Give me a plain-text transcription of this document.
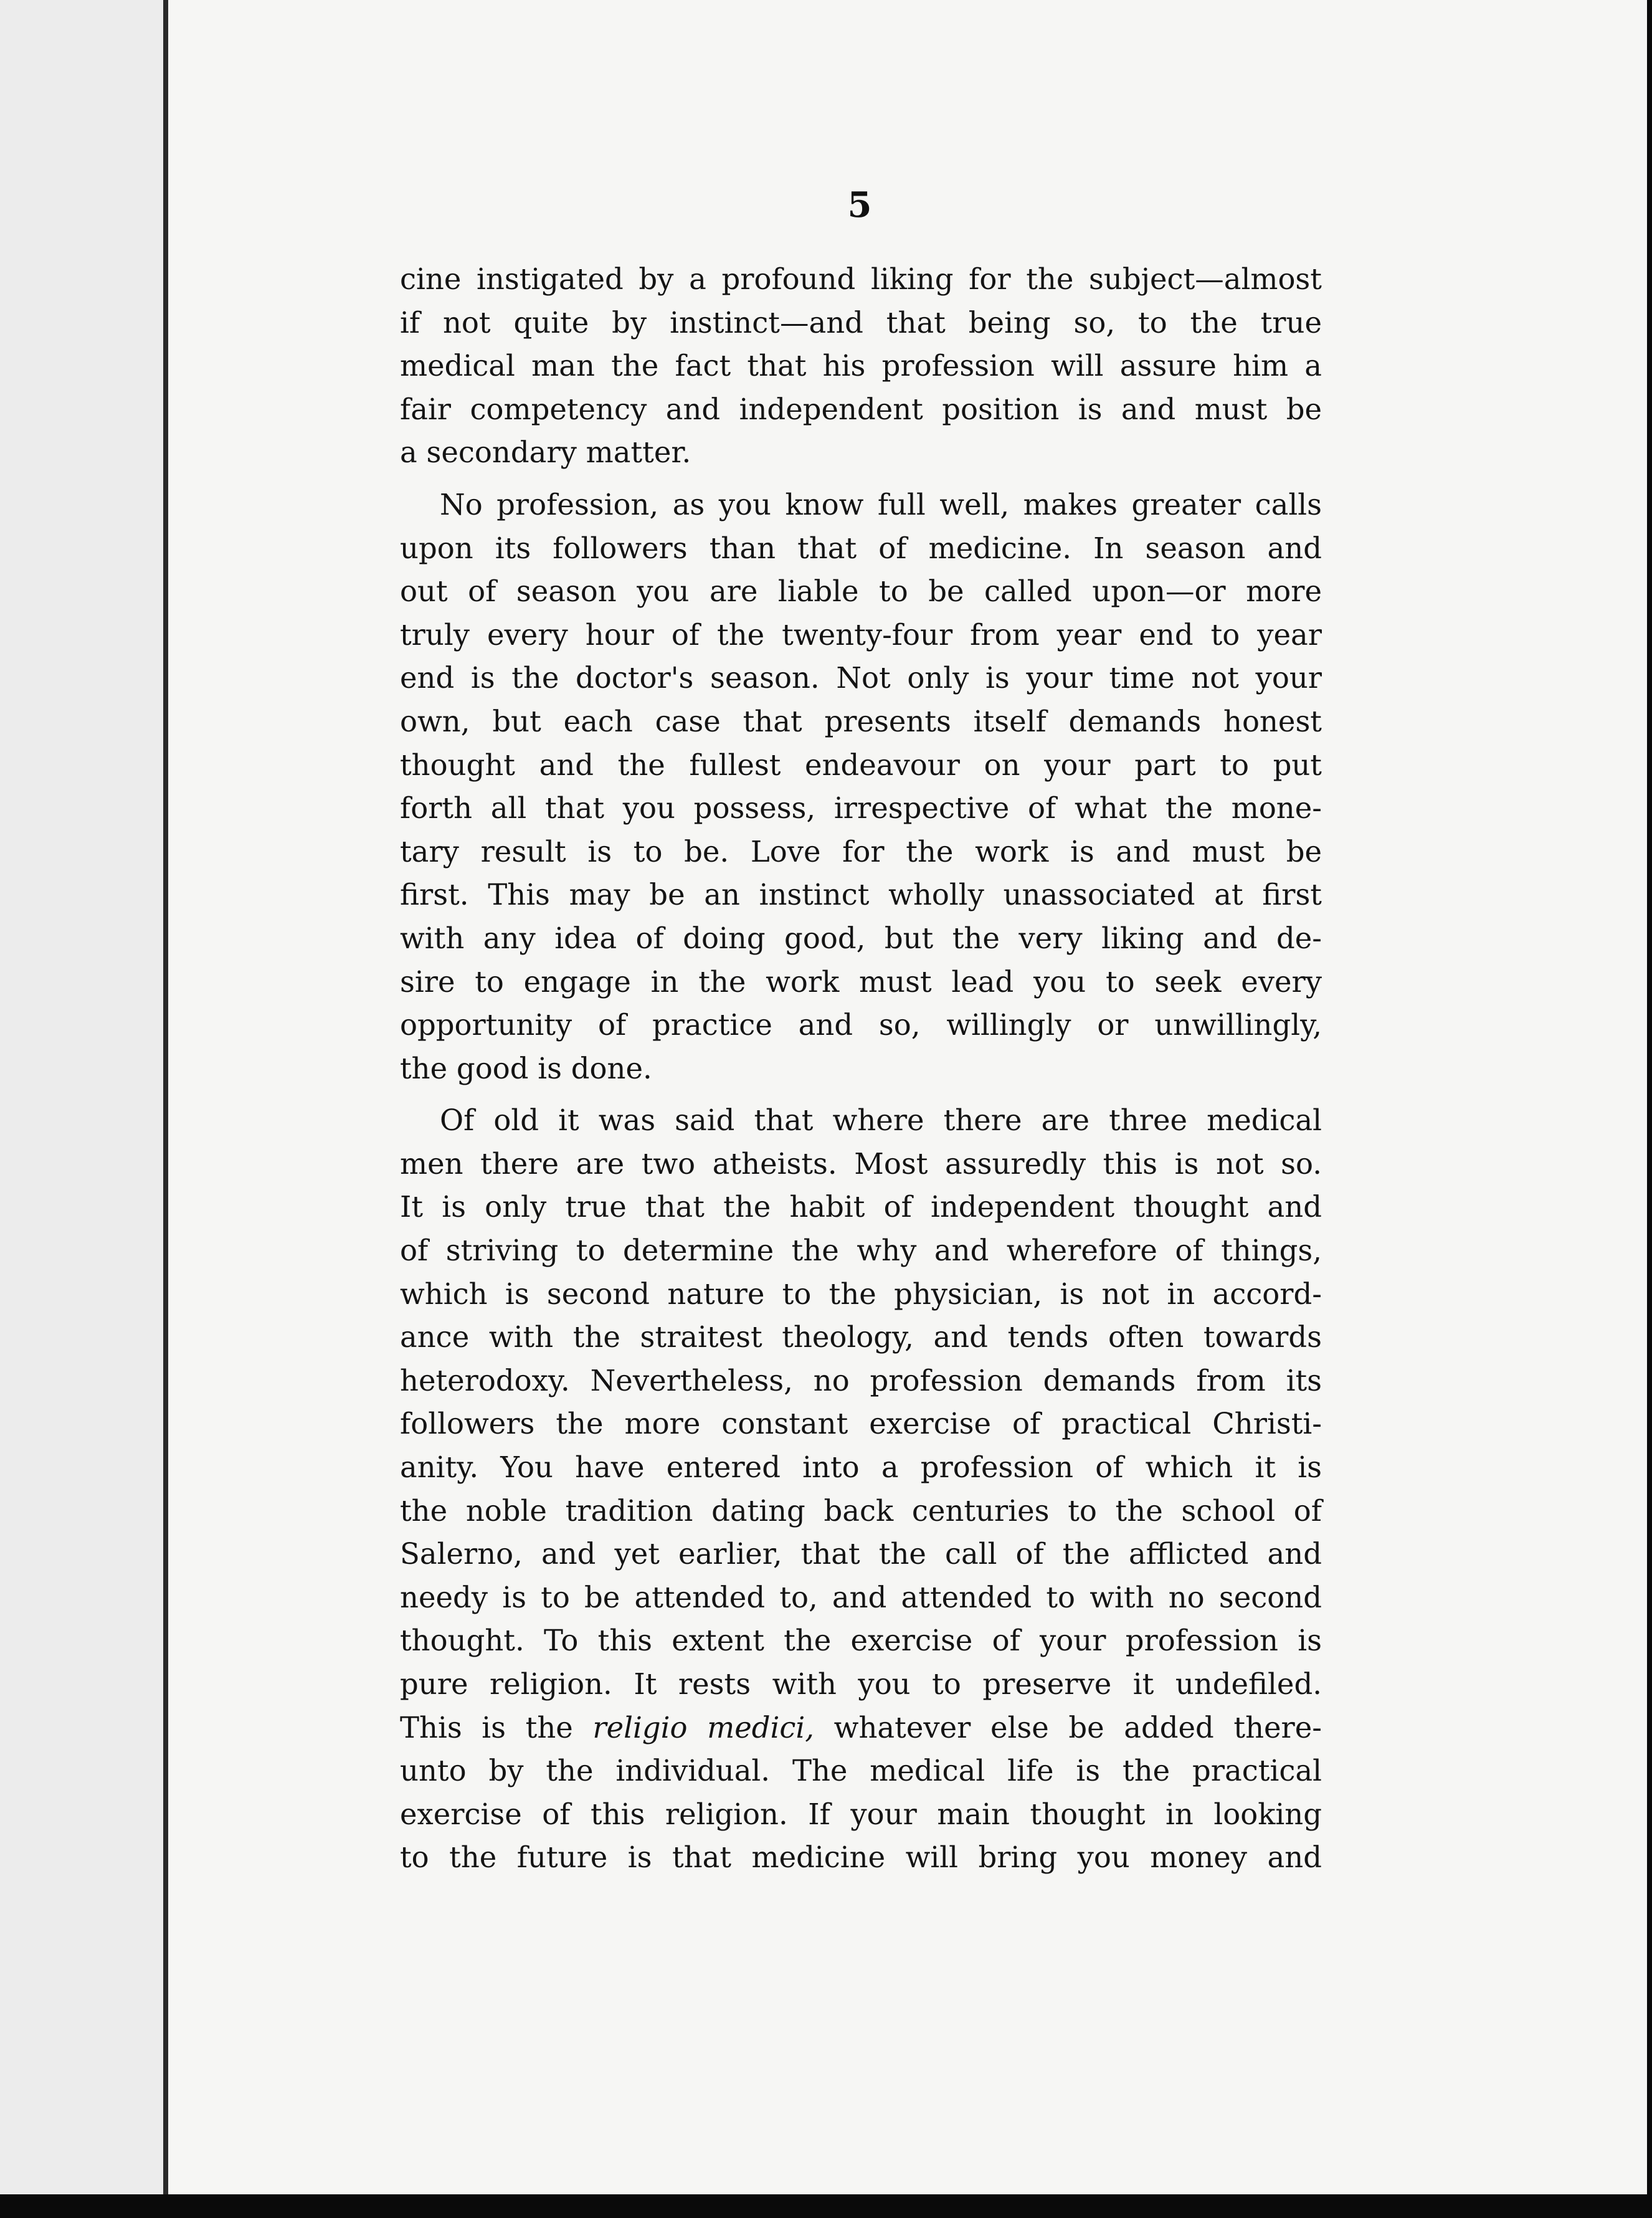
5

cine instigated by a profound liking for the subject—almost
if not quite by instinct—and that being so, to the true
medical man the fact that his profession will assure him a
fair competency and independent position is and must be
a secondary matter.

No profession, as you know full well, makes greater calls
upon its followers than that of medicine. In season and
out of season you are liable to be called upon—or more
truly every hour of the twenty-four from year end to year
end is the doctor's season. Not only is your time not your
own, but each case that presents itself demands honest
thought and the fullest endeavour on your part to put
forth all that you possess, irrespective of what the mone-
tary result is to be. Love for the work is and must be
first. This may be an instinct wholly unassociated at first
with any idea of doing good, but the very liking and de-
sire to engage in the work must lead you to seek every
opportunity of practice and so, willingly or unwillingly,
the good is done.

Of old it was said that where there are three medical
men there are two atheists. Most assuredly this is not so.
It is only true that the habit of independent thought and
of striving to determine the why and wherefore of things,
which is second nature to the physician, is not in accord-
ance with the straitest theology, and tends often towards
heterodoxy. Nevertheless, no profession demands from its
followers the more constant exercise of practical Christi-
anity. You have entered into a profession of which it is
the noble tradition dating back centuries to the school of
Salerno, and yet earlier, that the call of the afflicted and
needy is to be attended to, and attended to with no second
thought. To this extent the exercise of your profession is
pure religion. It rests with you to preserve it undefiled.
This is the religio medici, whatever else be added there-
unto by the individual. The medical life is the practical
exercise of this religion. If your main thought in looking
to the future is that medicine will bring you money and
